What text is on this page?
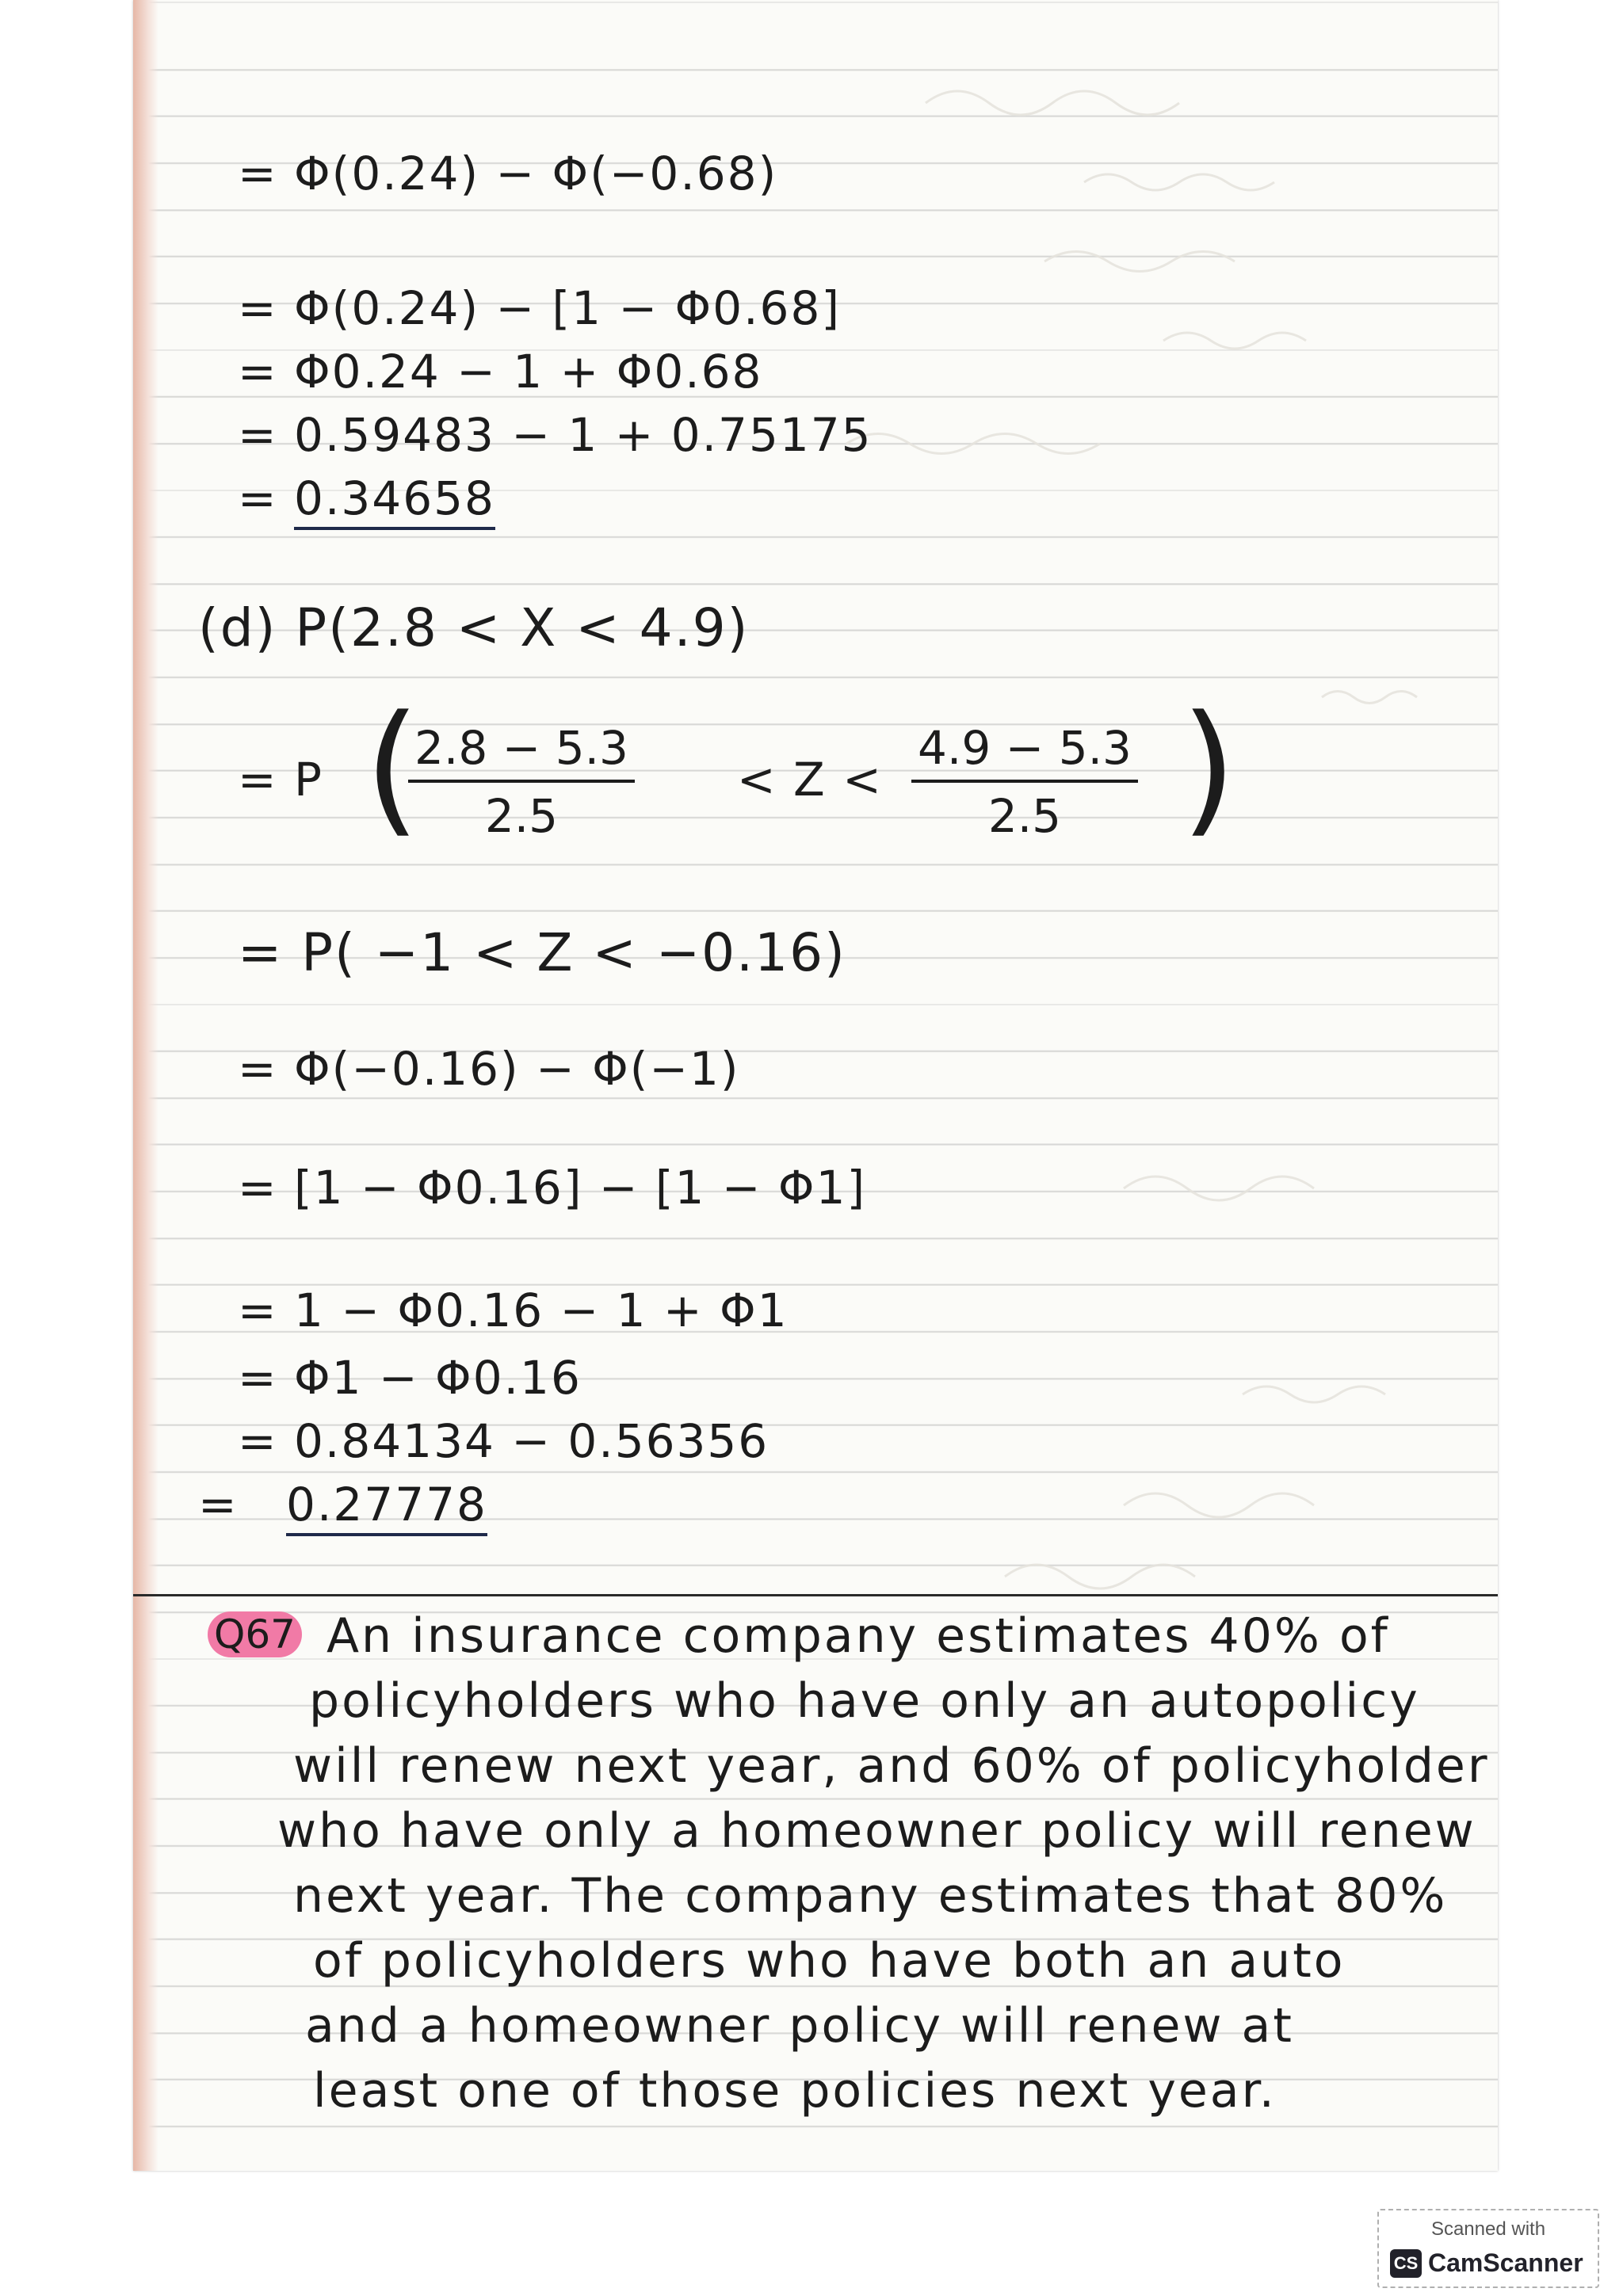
= Φ(0.24) − Φ(−0.68)
= Φ(0.24) − [1 − Φ0.68]
= Φ0.24 − 1 + Φ0.68
= 0.59483 − 1 + 0.75175
= 0.34658
(d) P(2.8 < X < 4.9)
= P (
$\frac{2.8 - 5.3}{2.5} < Z < \frac{4.9 - 5.3}{2.5}$ )
= P( −1 < Z < −0.16)
= Φ(−0.16) − Φ(−1)
= [1 − Φ0.16] − [1 − Φ1]
= 1 − Φ0.16 − 1 + Φ1
= Φ1 − Φ0.16
= 0.84134 − 0.56356
= 0.27778
Q67 An insurance company estimates 40% of
policyholders who have only an autopolicy
will renew next year, and 60% of policyholder
who have only a homeowner policy will renew
next year. The company estimates that 80%
of policyholders who have both an auto
and a homeowner policy will renew at
least one of those policies next year.
Scanned with
CS CamScanner
